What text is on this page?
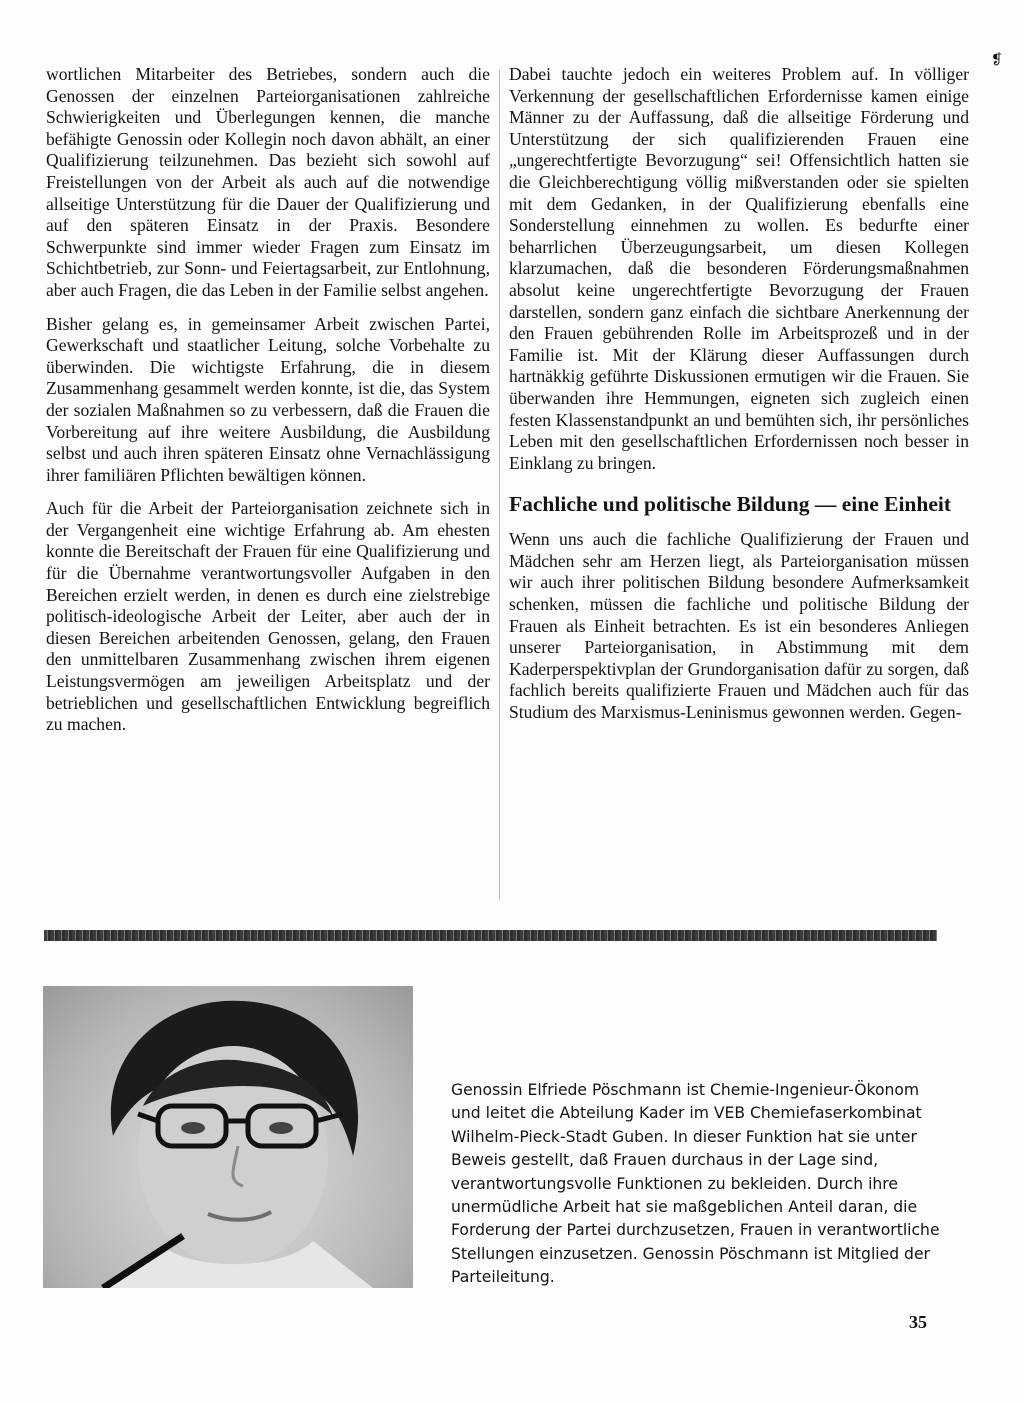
❡

wortlichen Mitarbeiter des Betriebes, sondern auch die Genossen der einzelnen Parteiorganisationen zahlreiche Schwierigkeiten und Überlegungen kennen, die manche befähigte Genossin oder Kollegin noch davon abhält, an einer Qualifizierung teilzunehmen. Das bezieht sich sowohl auf Freistellungen von der Arbeit als auch auf die notwendige allseitige Unterstützung für die Dauer der Qualifizierung und auf den späteren Einsatz in der Praxis. Besondere Schwerpunkte sind immer wieder Fragen zum Einsatz im Schichtbetrieb, zur Sonn- und Feiertagsarbeit, zur Entlohnung, aber auch Fragen, die das Leben in der Familie selbst angehen.

Bisher gelang es, in gemeinsamer Arbeit zwischen Partei, Gewerkschaft und staatlicher Leitung, solche Vorbehalte zu überwinden. Die wichtigste Erfahrung, die in diesem Zusammenhang gesammelt werden konnte, ist die, das System der sozialen Maßnahmen so zu verbessern, daß die Frauen die Vorbereitung auf ihre weitere Ausbildung, die Ausbildung selbst und auch ihren späteren Einsatz ohne Vernachlässigung ihrer familiären Pflichten bewältigen können.

Auch für die Arbeit der Parteiorganisation zeichnete sich in der Vergangenheit eine wichtige Erfahrung ab. Am ehesten konnte die Bereitschaft der Frauen für eine Qualifizierung und für die Übernahme verantwortungsvoller Aufgaben in den Bereichen erzielt werden, in denen es durch eine zielstrebige politisch-ideologische Arbeit der Leiter, aber auch der in diesen Bereichen arbeitenden Genossen, gelang, den Frauen den unmittelbaren Zusammenhang zwischen ihrem eigenen Leistungsvermögen am jeweiligen Arbeitsplatz und der betrieblichen und gesellschaftlichen Entwicklung begreiflich zu machen.

Dabei tauchte jedoch ein weiteres Problem auf. In völliger Verkennung der gesellschaftlichen Erfordernisse kamen einige Männer zu der Auffassung, daß die allseitige Förderung und Unterstützung der sich qualifizierenden Frauen eine „ungerechtfertigte Bevorzugung“ sei! Offensichtlich hatten sie die Gleichberechtigung völlig mißverstanden oder sie spielten mit dem Gedanken, in der Qualifizierung ebenfalls eine Sonderstellung einnehmen zu wollen. Es bedurfte einer beharrlichen Überzeugungsarbeit, um diesen Kollegen klarzumachen, daß die besonderen Förderungsmaßnahmen absolut keine ungerechtfertigte Bevorzugung der Frauen darstellen, sondern ganz einfach die sichtbare Anerkennung der den Frauen gebührenden Rolle im Arbeitsprozeß und in der Familie ist. Mit der Klärung dieser Auffassungen durch hartnäkkig geführte Diskussionen ermutigen wir die Frauen. Sie überwanden ihre Hemmungen, eigneten sich zugleich einen festen Klassenstandpunkt an und bemühten sich, ihr persönliches Leben mit den gesellschaftlichen Erfordernissen noch besser in Einklang zu bringen.

Fachliche und politische Bildung — eine Einheit

Wenn uns auch die fachliche Qualifizierung der Frauen und Mädchen sehr am Herzen liegt, als Parteiorganisation müssen wir auch ihrer politischen Bildung besondere Aufmerksamkeit schenken, müssen die fachliche und politische Bildung der Frauen als Einheit betrachten. Es ist ein besonderes Anliegen unserer Parteiorganisation, in Abstimmung mit dem Kaderperspektivplan der Grundorganisation dafür zu sorgen, daß fachlich bereits qualifizierte Frauen und Mädchen auch für das Studium des Marxismus-Leninismus gewonnen werden. Gegen-

Genossin Elfriede Pöschmann ist Chemie-Ingenieur-Ökonom und leitet die Abteilung Kader im VEB Chemiefaserkombinat Wilhelm-Pieck-Stadt Guben. In dieser Funktion hat sie unter Beweis gestellt, daß Frauen durchaus in der Lage sind, verantwortungsvolle Funktionen zu bekleiden. Durch ihre unermüdliche Arbeit hat sie maßgeblichen Anteil daran, die Forderung der Partei durchzusetzen, Frauen in verantwortliche Stellungen einzusetzen. Genossin Pöschmann ist Mitglied der Parteileitung.
35
